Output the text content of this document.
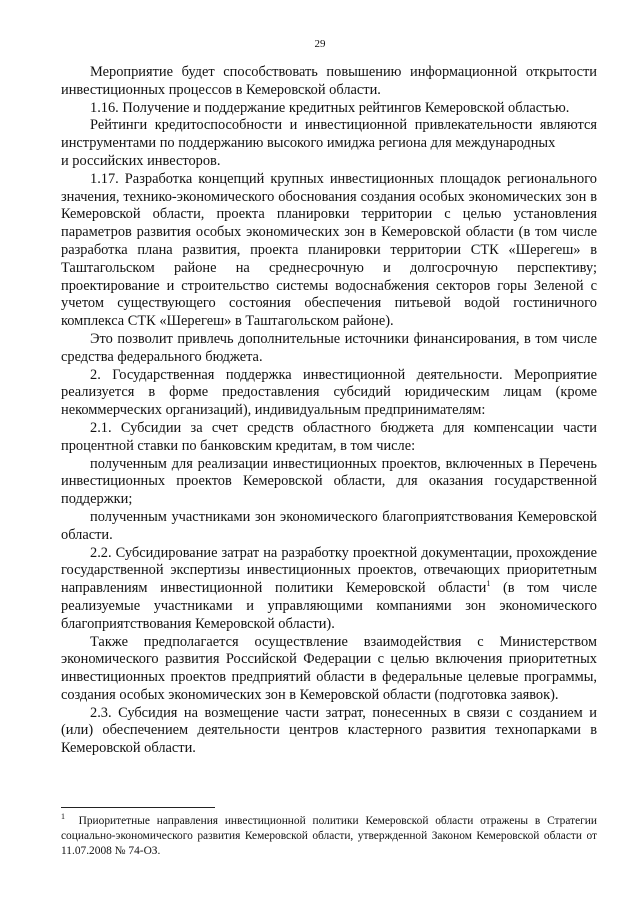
29

Мероприятие будет способствовать повышению информационной открытости инвестиционных процессов в Кемеровской области.

1.16. Получение и поддержание кредитных рейтингов Кемеровской областью.

Рейтинги кредитоспособности и инвестиционной привлекательности являются инструментами по поддержанию высокого имиджа региона для международных

и российских инвесторов.

1.17. Разработка концепций крупных инвестиционных площадок регионального значения, технико-экономического обоснования создания особых экономических зон в Кемеровской области, проекта планировки территории с целью установления параметров развития особых экономических зон в Кемеровской области (в том числе разработка плана развития, проекта планировки территории СТК «Шерегеш» в Таштагольском районе на среднесрочную и долгосрочную перспективу; проектирование и строительство системы водоснабжения секторов горы Зеленой с учетом существующего состояния обеспечения питьевой водой гостиничного комплекса СТК «Шерегеш» в Таштагольском районе).

Это позволит привлечь дополнительные источники финансирования, в том числе средства федерального бюджета.

2. Государственная поддержка инвестиционной деятельности. Мероприятие реализуется в форме предоставления субсидий юридическим лицам (кроме некоммерческих организаций), индивидуальным предпринимателям:

2.1. Субсидии за счет средств областного бюджета для компенсации части процентной ставки по банковским кредитам, в том числе:

полученным для реализации инвестиционных проектов, включенных в Перечень инвестиционных проектов Кемеровской области, для оказания государственной поддержки;

полученным участниками зон экономического благоприятствования Кемеровской области.

2.2. Субсидирование затрат на разработку проектной документации, прохождение государственной экспертизы инвестиционных проектов, отвечающих приоритетным направлениям инвестиционной политики Кемеровской области$^1$ (в том числе реализуемые участниками и управляющими компаниями зон экономического благоприятствования Кемеровской области).

Также предполагается осуществление взаимодействия с Министерством экономического развития Российской Федерации с целью включения приоритетных инвестиционных проектов предприятий области в федеральные целевые программы, создания особых экономических зон в Кемеровской области (подготовка заявок).

2.3. Субсидия на возмещение части затрат, понесенных в связи с созданием и (или) обеспечением деятельности центров кластерного развития технопарками в Кемеровской области.

$^1$ Приоритетные направления инвестиционной политики Кемеровской области отражены в Стратегии социально-экономического развития Кемеровской области, утвержденной Законом Кемеровской области от 11.07.2008 № 74-ОЗ.
